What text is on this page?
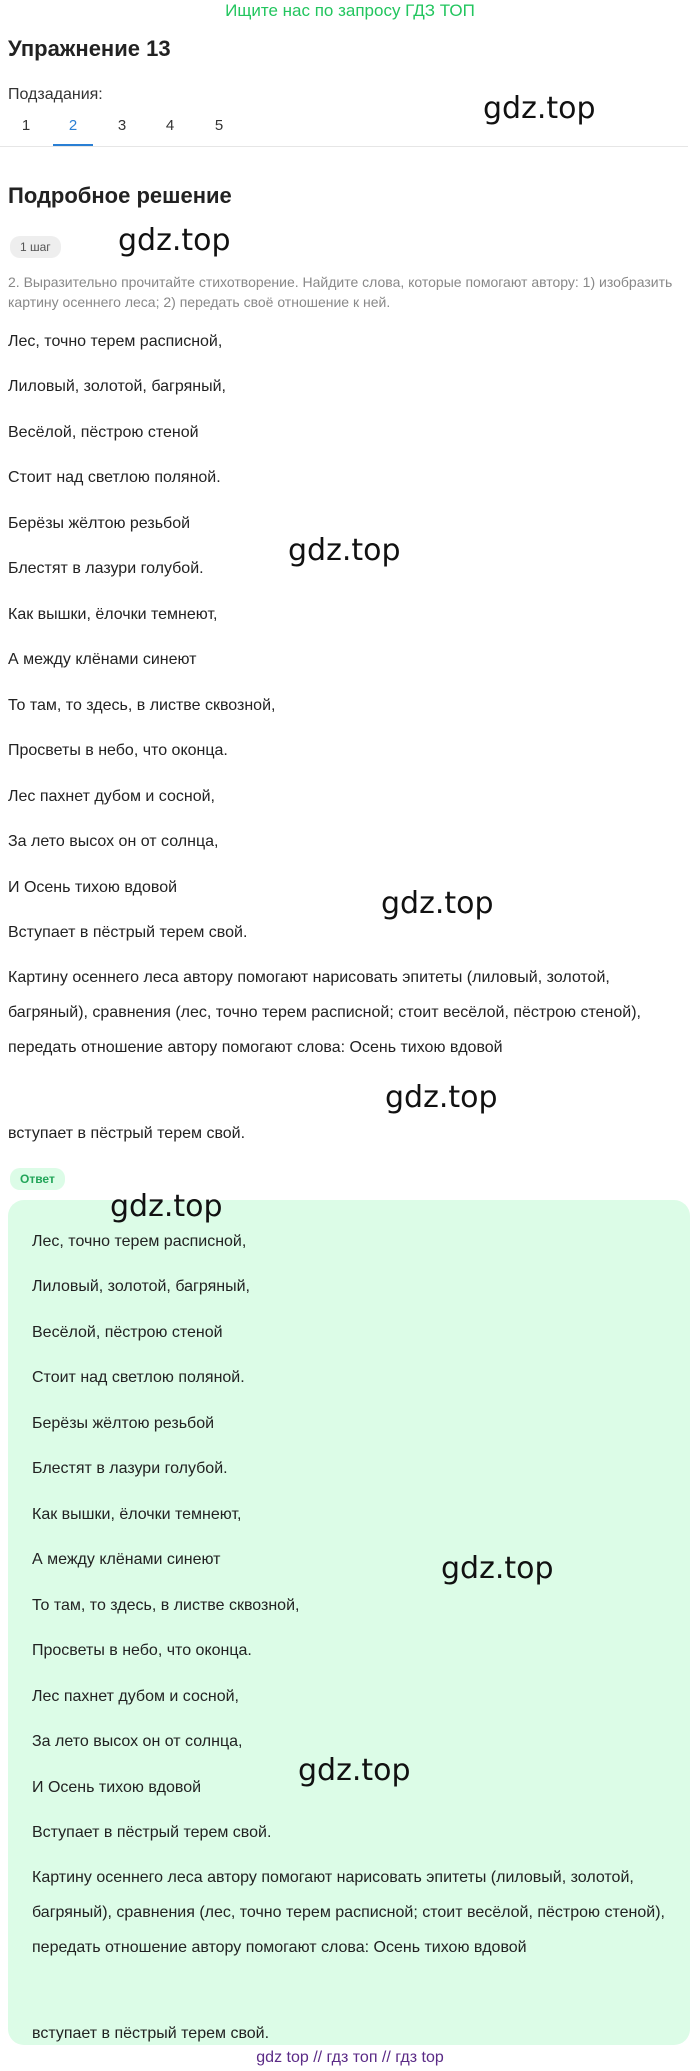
Ищите нас по запросу ГДЗ ТОП
Упражнение 13
Подзадания:
1	2	3	4	5	gdz.top
Подробное решение
1 шаг	gdz.top
2. Выразительно прочитайте стихотворение. Найдите слова, которые помогают автору: 1) изобразить картину осеннего леса; 2) передать своё отношение к ней.
Лес, точно терем расписной,
Лиловый, золотой, багряный,
Весёлой, пёстрою стеной
Стоит над светлою поляной.
Берёзы жёлтою резьбой
Блестят в лазури голубой.
Как вышки, ёлочки темнеют,
А между клёнами синеют
То там, то здесь, в листве сквозной,
Просветы в небо, что оконца.
Лес пахнет дубом и сосной,
За лето высох он от солнца,
И Осень тихою вдовой
Вступает в пёстрый терем свой.
Картину осеннего леса автору помогают нарисовать эпитеты (лиловый, золотой, багряный), сравнения (лес, точно терем расписной; стоит весёлой, пёстрою стеной), передать отношение автору помогают слова: Осень тихою вдовой
вступает в пёстрый терем свой.
gdz.top
gdz.top
gdz.top
Ответ
Лес, точно терем расписной,
Лиловый, золотой, багряный,
Весёлой, пёстрою стеной
Стоит над светлою поляной.
Берёзы жёлтою резьбой
Блестят в лазури голубой.
Как вышки, ёлочки темнеют,
А между клёнами синеют
То там, то здесь, в листве сквозной,
Просветы в небо, что оконца.
Лес пахнет дубом и сосной,
За лето высох он от солнца,
И Осень тихою вдовой
Вступает в пёстрый терем свой.
Картину осеннего леса автору помогают нарисовать эпитеты (лиловый, золотой, багряный), сравнения (лес, точно терем расписной; стоит весёлой, пёстрою стеной), передать отношение автору помогают слова: Осень тихою вдовой
вступает в пёстрый терем свой.
gdz.top
gdz.top
gdz.top
gdz top // гдз топ // гдз top
